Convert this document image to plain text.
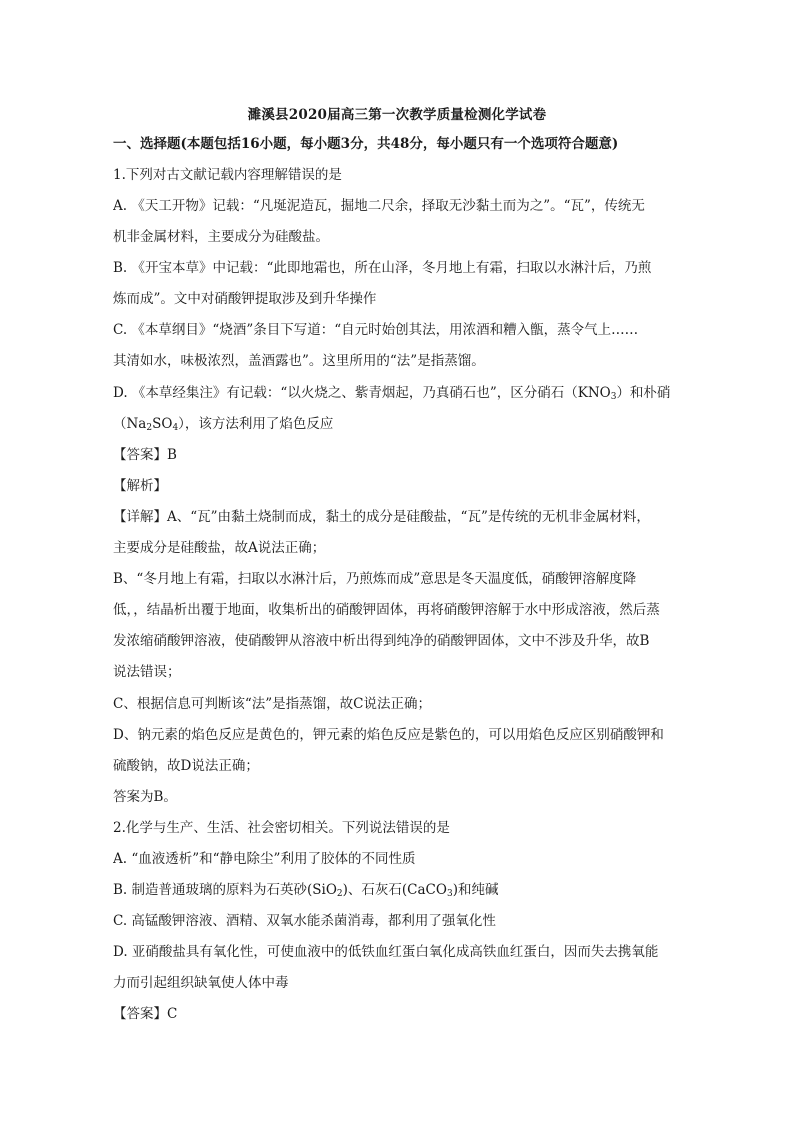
濉溪县2020届高三第一次教学质量检测化学试卷
一、选择题(本题包括16小题，每小题3分，共48分，每小题只有一个选项符合题意)
1.下列对古文献记载内容理解错误的是
A. 《天工开物》记载：“凡埏泥造瓦，掘地二尺余，择取无沙黏土而为之”。“瓦”，传统无
机非金属材料，主要成分为硅酸盐。
B. 《开宝本草》中记载：“此即地霜也，所在山泽，冬月地上有霜，扫取以水淋汁后，乃煎
炼而成”。文中对硝酸钾提取涉及到升华操作
C. 《本草纲目》“烧酒”条目下写道：“自元时始创其法，用浓酒和糟入甑，蒸令气上……
其清如水，味极浓烈，盖酒露也”。这里所用的“法”是指蒸馏。
D. 《本草经集注》有记载：“以火烧之、紫青烟起，乃真硝石也”，区分硝石$(KNO_3)$和朴硝
$(Na_2SO_4)$，该方法利用了焰色反应
【答案】B
【解析】
【详解】A、“瓦”由黏土烧制而成，黏土的成分是硅酸盐，“瓦”是传统的无机非金属材料，
主要成分是硅酸盐，故A说法正确；
B、“冬月地上有霜，扫取以水淋汁后，乃煎炼而成”意思是冬天温度低，硝酸钾溶解度降
低，，结晶析出覆于地面，收集析出的硝酸钾固体，再将硝酸钾溶解于水中形成溶液，然后蒸
发浓缩硝酸钾溶液，使硝酸钾从溶液中析出得到纯净的硝酸钾固体，文中不涉及升华，故B
说法错误；
C、根据信息可判断该“法”是指蒸馏，故C说法正确；
D、钠元素的焰色反应是黄色的，钾元素的焰色反应是紫色的，可以用焰色反应区别硝酸钾和
硫酸钠，故D说法正确；
答案为B。
2.化学与生产、生活、社会密切相关。下列说法错误的是
A. “血液透析”和“静电除尘”利用了胶体的不同性质
B. 制造普通玻璃的原料为石英砂(SiO$_2$)、石灰石(CaCO$_3$)和纯碱
C. 高锰酸钾溶液、酒精、双氧水能杀菌消毒，都利用了强氧化性
D. 亚硝酸盐具有氧化性，可使血液中的低铁血红蛋白氧化成高铁血红蛋白，因而失去携氧能
力而引起组织缺氧使人体中毒
【答案】C
